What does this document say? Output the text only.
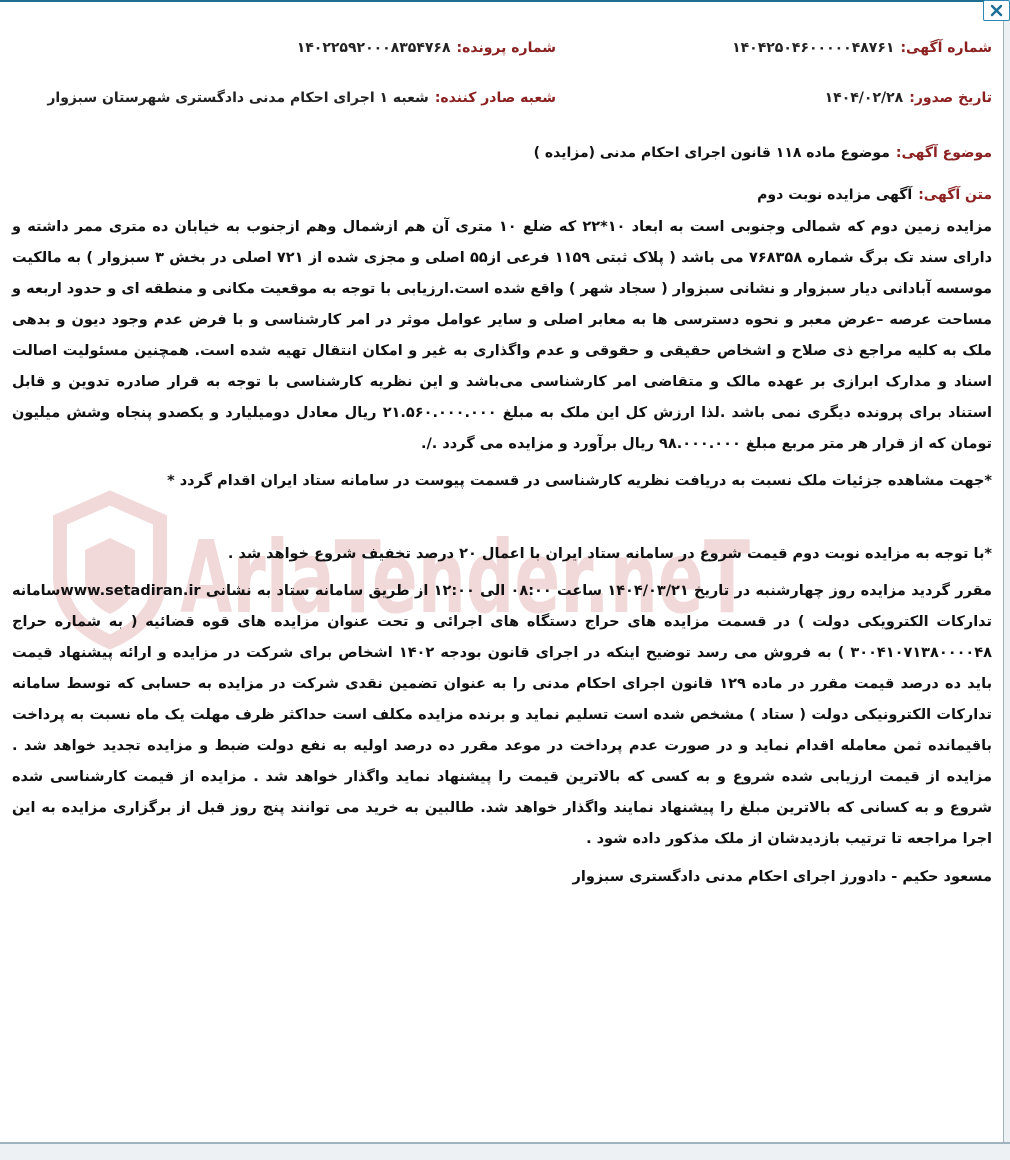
AriaTender.neT
شماره آگهی:۱۴۰۴۲۵۰۴۶۰۰۰۰۰۴۸۷۶۱
شماره پرونده:۱۴۰۲۲۵۹۲۰۰۰۸۳۵۴۷۶۸
تاریخ صدور:۱۴۰۴/۰۲/۲۸
شعبه صادر کننده:شعبه ۱ اجرای احکام مدنی دادگستری شهرستان سبزوار
موضوع آگهی:موضوع ماده ۱۱۸ قانون اجرای احکام مدنی (مزایده )
متن آگهی:آگهی مزایده نوبت دوم

مزایده زمین دوم که شمالی وجنوبی است به ابعاد ۱۰*۲۲ که ضلع ۱۰ متری آن هم ازشمال وهم ازجنوب به خیابان ده متری ممر داشته و دارای سند تک برگ شماره ۷۶۸۳۵۸ می باشد ( پلاک ثبتی ۱۱۵۹ فرعی از۵۵ اصلی و مجزی شده از ۷۲۱ اصلی در بخش ۳ سبزوار ) به مالکیت موسسه آبادانی دیار سبزوار و نشانی سبزوار ( سجاد شهر ) واقع شده است.ارزیابی با توجه به موقعیت مکانی و منطقه ای و حدود اربعه و مساحت عرصه –عرض معبر و نحوه دسترسی ها به معابر اصلی و سایر عوامل موثر در امر کارشناسی و با فرض عدم وجود دیون و بدهی ملک به کلیه مراجع ذی صلاح و اشخاص حقیقی و حقوقی و عدم واگذاری به غیر و امکان انتقال تهیه شده است. همچنین مسئولیت اصالت اسناد و مدارک ابرازی بر عهده مالک و متقاضی امر کارشناسی می‌باشد و این نظریه کارشناسی با توجه به قرار صادره تدوین و قابل استناد برای پرونده دیگری نمی باشد .لذا ارزش کل این ملک به مبلغ ۲۱.۵۶۰.۰۰۰.۰۰۰ ریال معادل دومیلیارد و یکصدو پنجاه وشش میلیون تومان که از قرار هر متر مربع مبلغ ۹۸.۰۰۰.۰۰۰ ریال برآورد و مزایده می گردد ./.

*جهت مشاهده جزئیات ملک نسبت به دریافت نظریه کارشناسی در قسمت پیوست در سامانه ستاد ایران اقدام گردد *

*با توجه به مزایده نوبت دوم قیمت شروع در سامانه ستاد ایران با اعمال ۲۰ درصد تخفیف شروع خواهد شد .

مقرر گردید مزایده روز چهارشنبه در تاریخ ۱۴۰۴/۰۳/۲۱ ساعت ۰۸:۰۰ الی ۱۲:۰۰ از طریق سامانه ستاد به نشانی www.setadiran.irسامانه تدارکات الکترویکی دولت ) در قسمت مزایده های حراج دستگاه های اجرائی و تحت عنوان مزایده های قوه قضائیه ( به شماره حراج ۳۰۰۴۱۰۷۱۳۸۰۰۰۰۴۸ ) به فروش می رسد توضیح اینکه در اجرای قانون بودجه ۱۴۰۲ اشخاص برای شرکت در مزایده و ارائه پیشنهاد قیمت باید ده درصد قیمت مقرر در ماده ۱۲۹ قانون اجرای احکام مدنی را به عنوان تضمین نقدی شرکت در مزایده به حسابی که توسط سامانه تدارکات الکترونیکی دولت ( ستاد ) مشخص شده است تسلیم نماید و برنده مزایده مکلف است حداکثر ظرف مهلت یک ماه نسبت به پرداخت باقیمانده ثمن معامله اقدام نماید و در صورت عدم پرداخت در موعد مقرر ده درصد اولیه به نفع دولت ضبط و مزایده تجدید خواهد شد . مزایده از قیمت ارزیابی شده شروع و به کسی که بالاترین قیمت را پیشنهاد نماید واگذار خواهد شد . مزایده از قیمت کارشناسی شده شروع و به کسانی که بالاترین مبلغ را پیشنهاد نمایند واگذار خواهد شد. طالبین به خرید می توانند پنج روز قبل از برگزاری مزایده به این اجرا مراجعه تا ترتیب بازدیدشان از ملک مذکور داده شود .

مسعود حکیم - دادورز اجرای احکام مدنی دادگستری سبزوار
